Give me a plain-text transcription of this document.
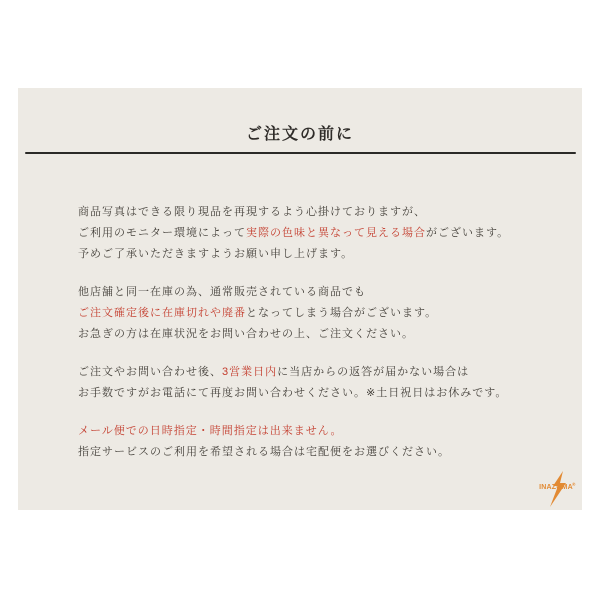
ご注文の前に

商品写真はできる限り現品を再現するよう心掛けておりますが、
ご利用のモニター環境によって実際の色味と異なって見える場合がございます。
予めご了承いただきますようお願い申し上げます。

他店舗と同一在庫の為、通常販売されている商品でも
ご注文確定後に在庫切れや廃番となってしまう場合がございます。
お急ぎの方は在庫状況をお問い合わせの上、ご注文ください。

ご注文やお問い合わせ後、3営業日内に当店からの返答が届かない場合は
お手数ですがお電話にて再度お問い合わせください。※土日祝日はお休みです。

メール便での日時指定・時間指定は出来ません。
指定サービスのご利用を希望される場合は宅配便をお選びください。

INAZUMA ®
